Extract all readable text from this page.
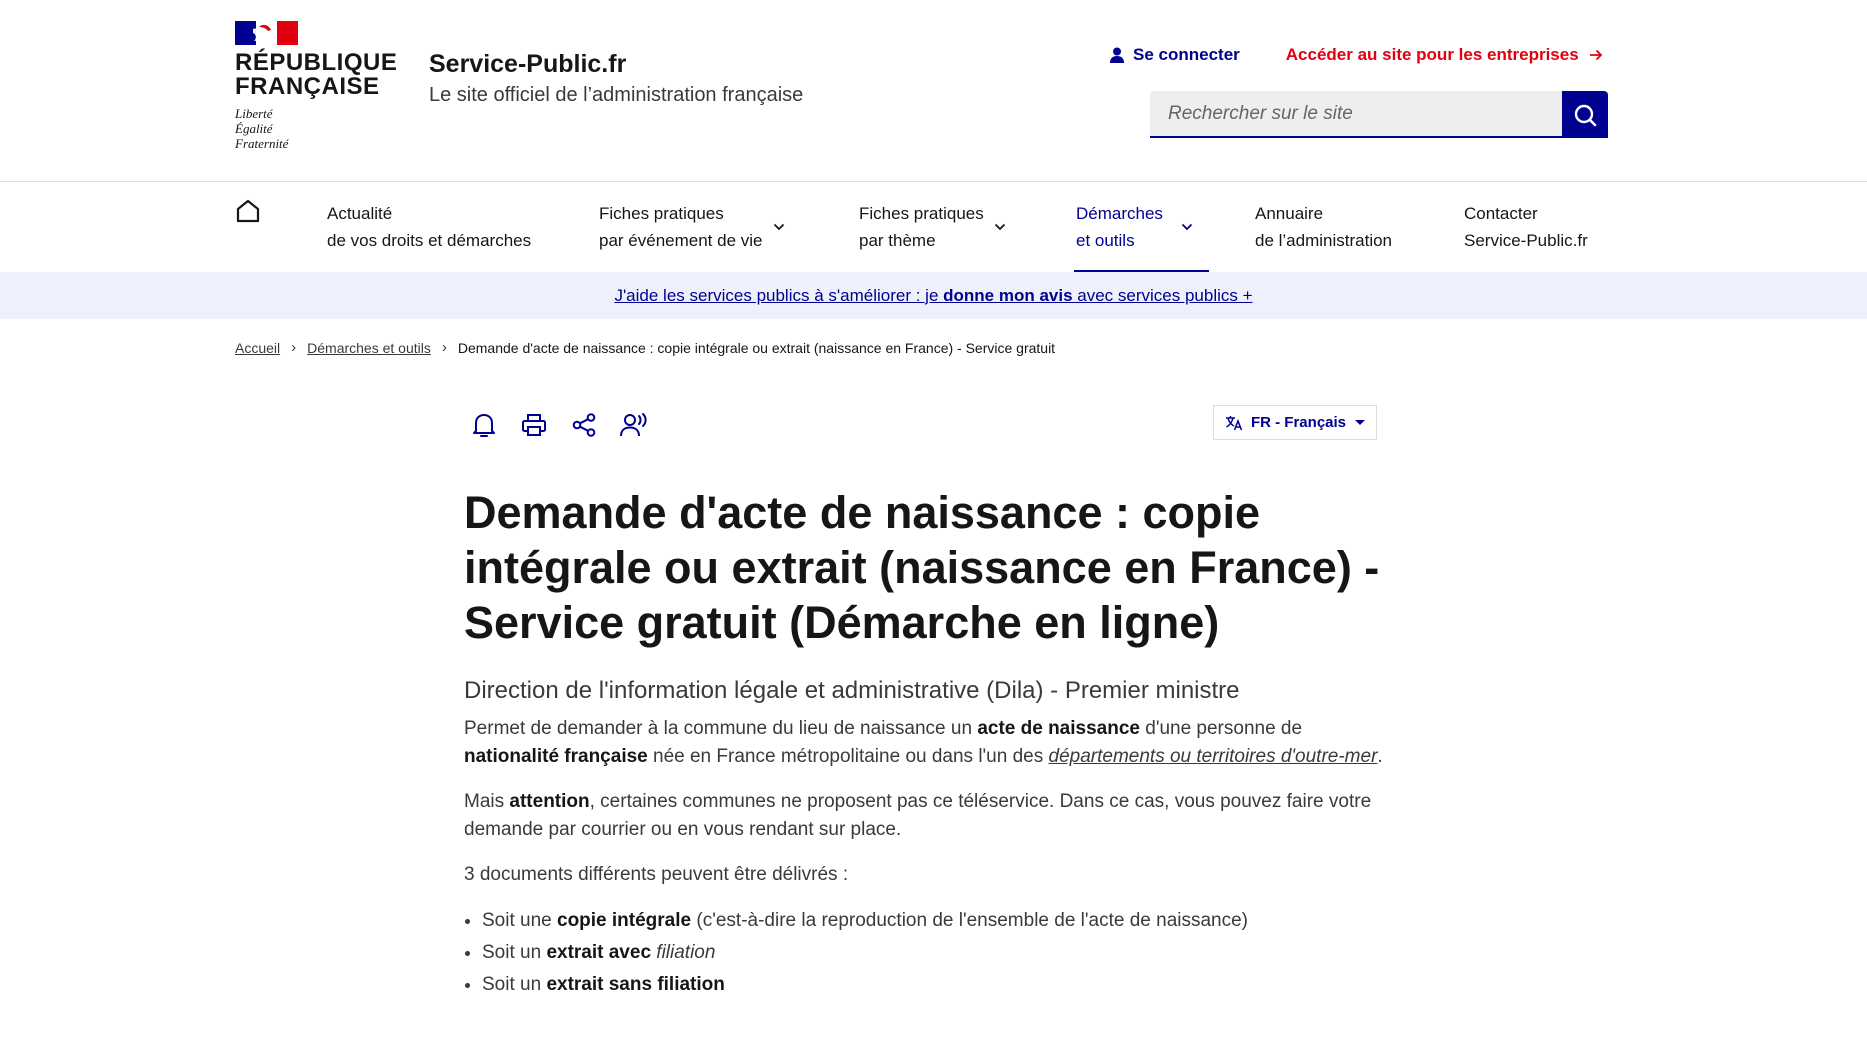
RÉPUBLIQUE
FRANÇAISE
Liberté
Égalité
Fraternité
Service-Public.fr
Le site officiel de l’administration française
Se connecter	Accéder au site pour les entreprises
Rechercher sur le site
Actualité
de vos droits et démarches
Fiches pratiques
par événement de vie
Fiches pratiques
par thème
Démarches
et outils
Annuaire
de l’administration
Contacter
Service-Public.fr
J'aide les services publics à s'améliorer : je donne mon avis avec services publics +
Accueil › Démarches et outils › Demande d'acte de naissance : copie intégrale ou extrait (naissance en France) - Service gratuit
FR - Français
Demande d'acte de naissance : copie intégrale ou extrait (naissance en France) - Service gratuit (Démarche en ligne)
Direction de l'information légale et administrative (Dila) - Premier ministre

Permet de demander à la commune du lieu de naissance un acte de naissance d'une personne de nationalité française née en France métropolitaine ou dans l'un des départements ou territoires d'outre-mer.

Mais attention, certaines communes ne proposent pas ce téléservice. Dans ce cas, vous pouvez faire votre demande par courrier ou en vous rendant sur place.

3 documents différents peuvent être délivrés :

• Soit une copie intégrale (c'est-à-dire la reproduction de l'ensemble de l'acte de naissance)
• Soit un extrait avec filiation
• Soit un extrait sans filiation
